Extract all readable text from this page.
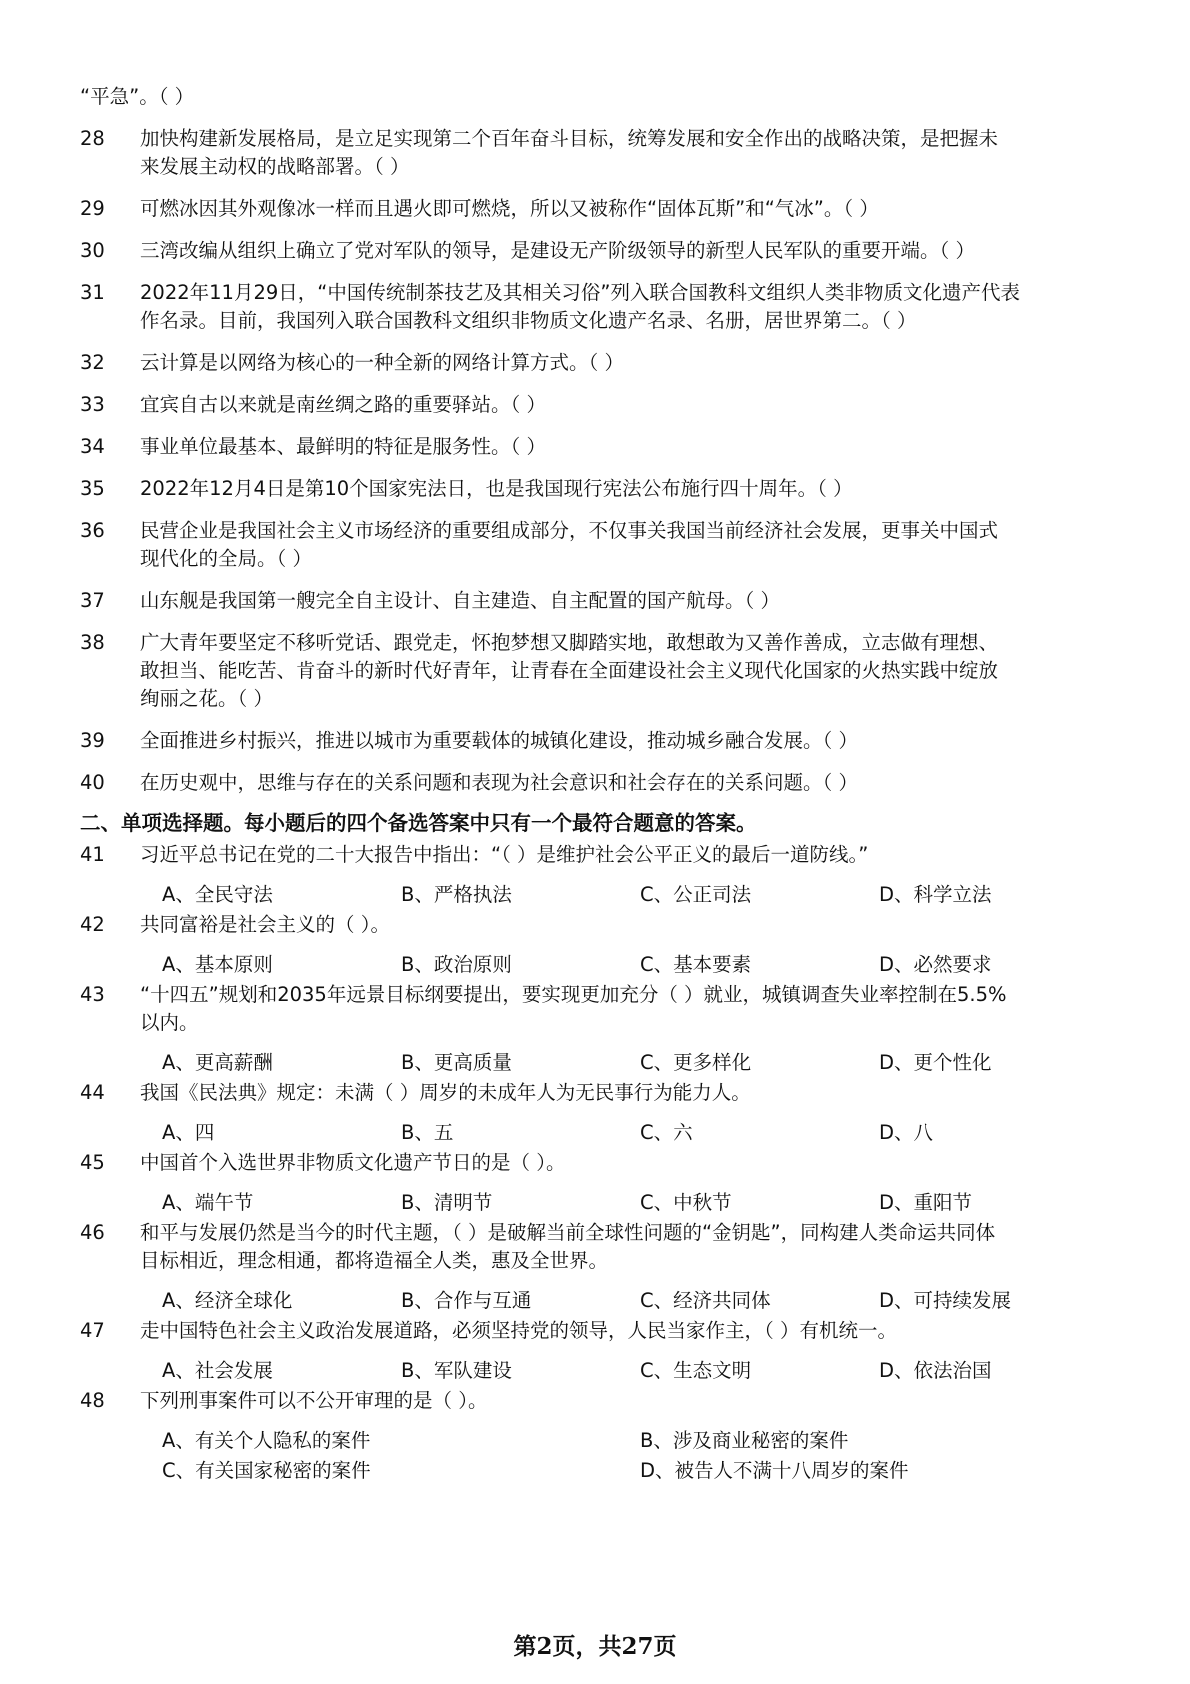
“平急”。（ ）
28 加快构建新发展格局，是立足实现第二个百年奋斗目标，统筹发展和安全作出的战略决策，是把握未
来发展主动权的战略部署。（ ）
29 可燃冰因其外观像冰一样而且遇火即可燃烧，所以又被称作“固体瓦斯”和“气冰”。（ ）
30 三湾改编从组织上确立了党对军队的领导，是建设无产阶级领导的新型人民军队的重要开端。（ ）
31 2022年11月29日，“中国传统制茶技艺及其相关习俗”列入联合国教科文组织人类非物质文化遗产代表
作名录。目前，我国列入联合国教科文组织非物质文化遗产名录、名册，居世界第二。（ ）
32 云计算是以网络为核心的一种全新的网络计算方式。（ ）
33 宜宾自古以来就是南丝绸之路的重要驿站。（ ）
34 事业单位最基本、最鲜明的特征是服务性。（ ）
35 2022年12月4日是第10个国家宪法日，也是我国现行宪法公布施行四十周年。（ ）
36 民营企业是我国社会主义市场经济的重要组成部分，不仅事关我国当前经济社会发展，更事关中国式
现代化的全局。（ ）
37 山东舰是我国第一艘完全自主设计、自主建造、自主配置的国产航母。（ ）
38 广大青年要坚定不移听党话、跟党走，怀抱梦想又脚踏实地，敢想敢为又善作善成，立志做有理想、
敢担当、能吃苦、肯奋斗的新时代好青年，让青春在全面建设社会主义现代化国家的火热实践中绽放
绚丽之花。（ ）
39 全面推进乡村振兴，推进以城市为重要载体的城镇化建设，推动城乡融合发展。（ ）
40 在历史观中，思维与存在的关系问题和表现为社会意识和社会存在的关系问题。（ ）
二、单项选择题。每小题后的四个备选答案中只有一个最符合题意的答案。
41 习近平总书记在党的二十大报告中指出：“（ ）是维护社会公平正义的最后一道防线。”
A、全民守法	B、严格执法	C、公正司法	D、科学立法
42 共同富裕是社会主义的（ ）。
A、基本原则	B、政治原则	C、基本要素	D、必然要求
43 “十四五”规划和2035年远景目标纲要提出，要实现更加充分（ ）就业，城镇调查失业率控制在5.5%
以内。
A、更高薪酬	B、更高质量	C、更多样化	D、更个性化
44 我国《民法典》规定：未满（ ）周岁的未成年人为无民事行为能力人。
A、四	B、五	C、六	D、八
45 中国首个入选世界非物质文化遗产节日的是（ ）。
A、端午节	B、清明节	C、中秋节	D、重阳节
46 和平与发展仍然是当今的时代主题，（ ）是破解当前全球性问题的“金钥匙”，同构建人类命运共同体
目标相近，理念相通，都将造福全人类，惠及全世界。
A、经济全球化	B、合作与互通	C、经济共同体	D、可持续发展
47 走中国特色社会主义政治发展道路，必须坚持党的领导，人民当家作主，（ ）有机统一。
A、社会发展	B、军队建设	C、生态文明	D、依法治国
48 下列刑事案件可以不公开审理的是（ ）。
A、有关个人隐私的案件	B、涉及商业秘密的案件
C、有关国家秘密的案件	D、被告人不满十八周岁的案件
第2页，共27页
